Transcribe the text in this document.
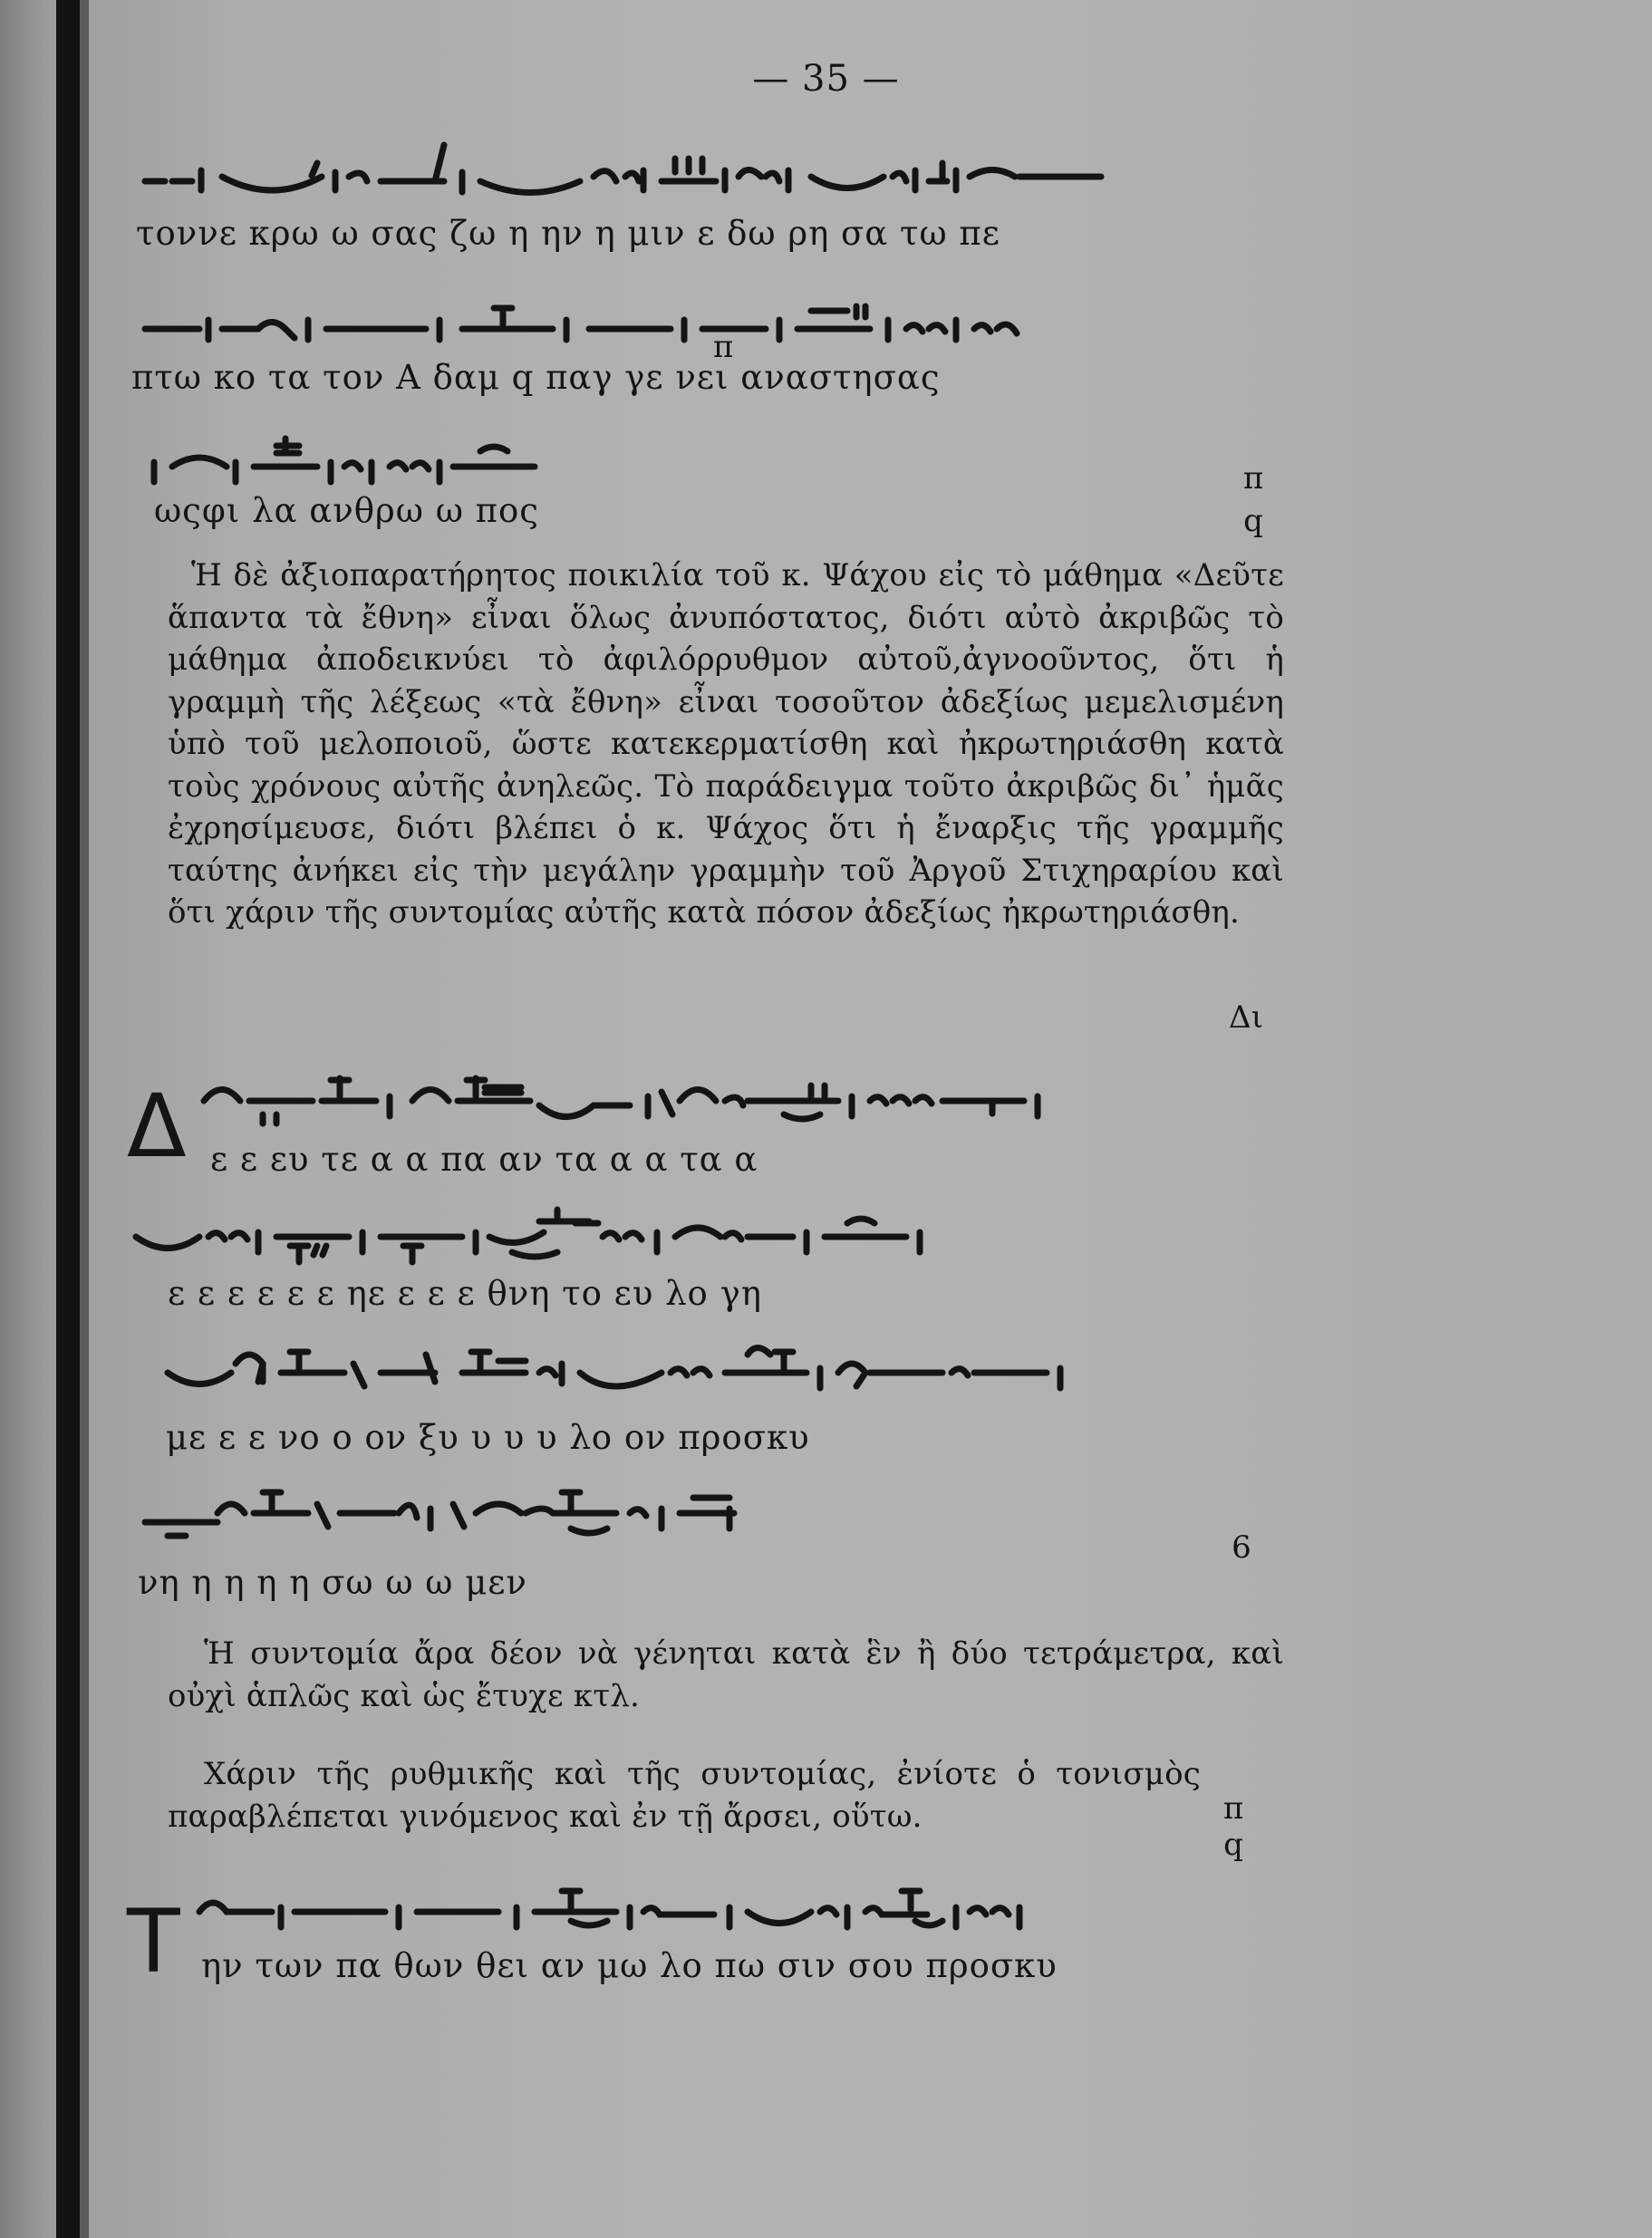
— 35 —
τοννε κρω ω σας ζω η ην η μιν ε δω ρη σα τω πε
π
πτω κο τα τον Α δαμ q παγ γε νει αναστησας
π
ωςφι λα ανθρω ω πος	q
Ἡ δὲ ἀξιοπαρατήρητος ποικιλία τοῦ κ. Ψάχου εἰς τὸ μάθημα «Δεῦτε ἅπαντα τὰ ἔθνη» εἶναι ὅλως ἀνυπόστατος, διότι αὐτὸ ἀκριβῶς τὸ μάθημα ἀποδεικνύει τὸ ἀφιλόρρυθμον αὐτοῦ,ἀγνοοῦντος, ὅτι ἡ γραμμὴ τῆς λέξεως «τὰ ἔθνη» εἶναι τοσοῦτον ἀδεξίως μεμελισμένη ὑπὸ τοῦ μελοποιοῦ, ὥστε κατεκερματίσθη καὶ ἠκρωτηριάσθη κατὰ τοὺς χρόνους αὐτῆς ἀνηλεῶς. Τὸ παράδειγμα τοῦτο ἀκριβῶς δι᾽ ἡμᾶς ἐχρησίμευσε, διότι βλέπει ὁ κ. Ψάχος ὅτι ἡ ἔναρξις τῆς γραμμῆς ταύτης ἀνήκει εἰς τὴν μεγάλην γραμμὴν τοῦ Ἀργοῦ Στιχηραρίου καὶ ὅτι χάριν τῆς συντομίας αὐτῆς κατὰ πόσον ἀδεξίως ἠκρωτηριάσθη.
Δι
Δ ε ε ευ τε α α πα αν τα α α τα α
ε ε ε ε ε ε ηε ε ε ε θνη το ευ λο γη
με ε ε νο ο ον ξυ υ υ υ λο ον προσκυ
νη η η η η σω ω ω μεν
6
Ἡ συντομία ἄρα δέον νὰ γένηται κατὰ ἓν ἢ δύο τετράμετρα, καὶ οὐχὶ ἁπλῶς καὶ ὡς ἔτυχε κτλ.
Χάριν τῆς ρυθμικῆς καὶ τῆς συντομίας, ἐνίοτε ὁ τονισμὸς παραβλέπεται γινόμενος καὶ ἐν τῇ ἄρσει, οὕτω.	π
q
Τ ην των πα θων θει αν μω λο πω σιν σου προσκυ
